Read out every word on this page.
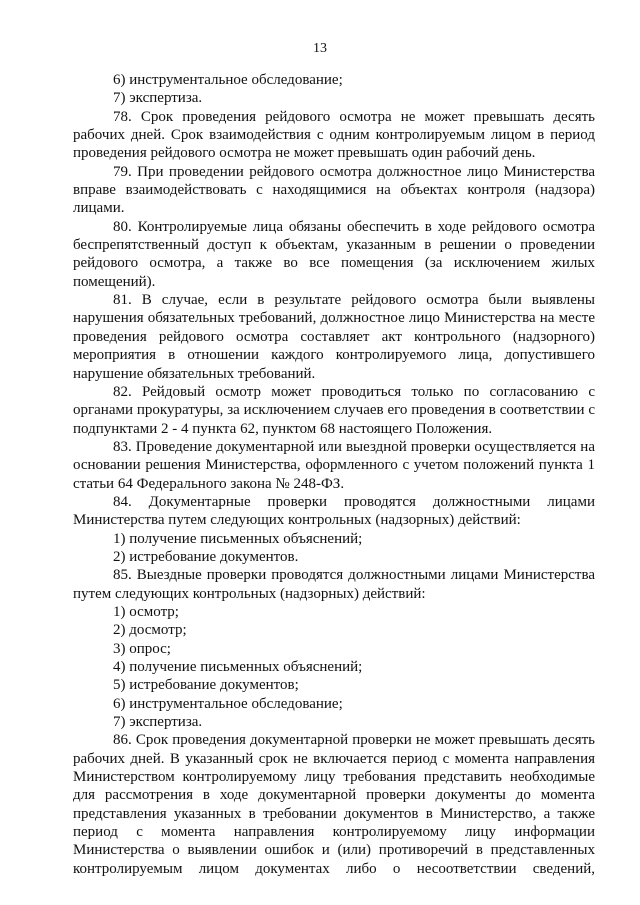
13

6) инструментальное обследование;

7) экспертиза.

78. Срок проведения рейдового осмотра не может превышать десять рабочих дней. Срок взаимодействия с одним контролируемым лицом в период проведения рейдового осмотра не может превышать один рабочий день.

79. При проведении рейдового осмотра должностное лицо Министерства вправе взаимодействовать с находящимися на объектах контроля (надзора) лицами.

80. Контролируемые лица обязаны обеспечить в ходе рейдового осмотра беспрепятственный доступ к объектам, указанным в решении о проведении рейдового осмотра, а также во все помещения (за исключением жилых помещений).

81. В случае, если в результате рейдового осмотра были выявлены нарушения обязательных требований, должностное лицо Министерства на месте проведения рейдового осмотра составляет акт контрольного (надзорного) мероприятия в отношении каждого контролируемого лица, допустившего нарушение обязательных требований.

82. Рейдовый осмотр может проводиться только по согласованию с органами прокуратуры, за исключением случаев его проведения в соответствии с подпунктами 2 - 4 пункта 62, пунктом 68 настоящего Положения.

83. Проведение документарной или выездной проверки осуществляется на основании решения Министерства, оформленного с учетом положений пункта 1 статьи 64 Федерального закона № 248-ФЗ.

84. Документарные проверки проводятся должностными лицами Министерства путем следующих контрольных (надзорных) действий:

1) получение письменных объяснений;

2) истребование документов.

85. Выездные проверки проводятся должностными лицами Министерства путем следующих контрольных (надзорных) действий:

1) осмотр;

2) досмотр;

3) опрос;

4) получение письменных объяснений;

5) истребование документов;

6) инструментальное обследование;

7) экспертиза.

86. Срок проведения документарной проверки не может превышать десять рабочих дней. В указанный срок не включается период с момента направления Министерством контролируемому лицу требования представить необходимые для рассмотрения в ходе документарной проверки документы до момента представления указанных в требовании документов в Министерство, а также период с момента направления контролируемому лицу информации Министерства о выявлении ошибок и (или) противоречий в представленных контролируемым лицом документах либо о несоответствии сведений,
